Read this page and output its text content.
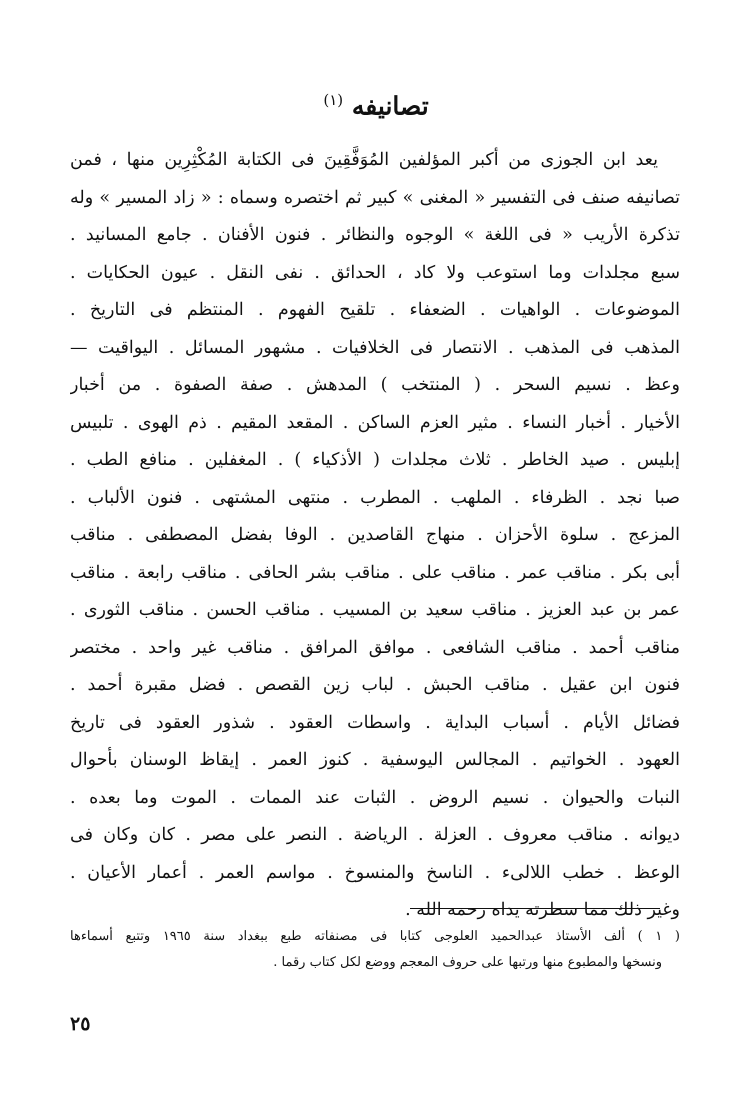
تصانيفه $^{(١)}$
يعد ابن الجوزى من أكبر المؤلفين المُوَفَّقِينَ فى الكتابة المُكْثِرِين منها ، فمن
تصانيفه صنف فى التفسير « المغنى » كبير ثم اختصره وسماه : « زاد المسير » وله
تذكرة الأريب « فى اللغة » الوجوه والنظائر . فنون الأفنان . جامع المسانيد .
سبع مجلدات وما استوعب ولا كاد ، الحدائق . نفى النقل . عيون الحكايات .
الموضوعات . الواهيات . الضعفاء . تلقيح الفهوم . المنتظم فى التاريخ .
المذهب فى المذهب . الانتصار فى الخلافيات . مشهور المسائل . اليواقيت —
وعظ . نسيم السحر . ( المنتخب ) المدهش . صفة الصفوة . من أخبار
الأخيار . أخبار النساء . مثير العزم الساكن . المقعد المقيم . ذم الهوى . تلبيس
إبليس . صيد الخاطر . ثلاث مجلدات ( الأذكياء ) . المغفلين . منافع الطب .
صبا نجد . الظرفاء . الملهب . المطرب . منتهى المشتهى . فنون الألباب .
المزعج . سلوة الأحزان . منهاج القاصدين . الوفا بفضل المصطفى . مناقب
أبى بكر . مناقب عمر . مناقب على . مناقب بشر الحافى . مناقب رابعة . مناقب
عمر بن عبد العزيز . مناقب سعيد بن المسيب . مناقب الحسن . مناقب الثورى .
مناقب أحمد . مناقب الشافعى . موافق المرافق . مناقب غير واحد . مختصر
فنون ابن عقيل . مناقب الحبش . لباب زين القصص . فضل مقبرة أحمد .
فضائل الأيام . أسباب البداية . واسطات العقود . شذور العقود فى تاريخ
العهود . الخواتيم . المجالس اليوسفية . كنوز العمر . إيقاظ الوسنان بأحوال
النبات والحيوان . نسيم الروض . الثبات عند الممات . الموت وما بعده .
ديوانه . مناقب معروف . العزلة . الرياضة . النصر على مصر . كان وكان فى
الوعظ . خطب اللالىء . الناسخ والمنسوخ . مواسم العمر . أعمار الأعيان .
وغير ذلك مما سطرته يداه رحمه الله .
( ١ ) ألف الأستاذ عبدالحميد العلوجى كتابا فى مصنفاته طبع ببغداد سنة ١٩٦٥ وتتبع أسماءها
ونسخها والمطبوع منها ورتبها على حروف المعجم ووضع لكل كتاب رقما .
٢٥
